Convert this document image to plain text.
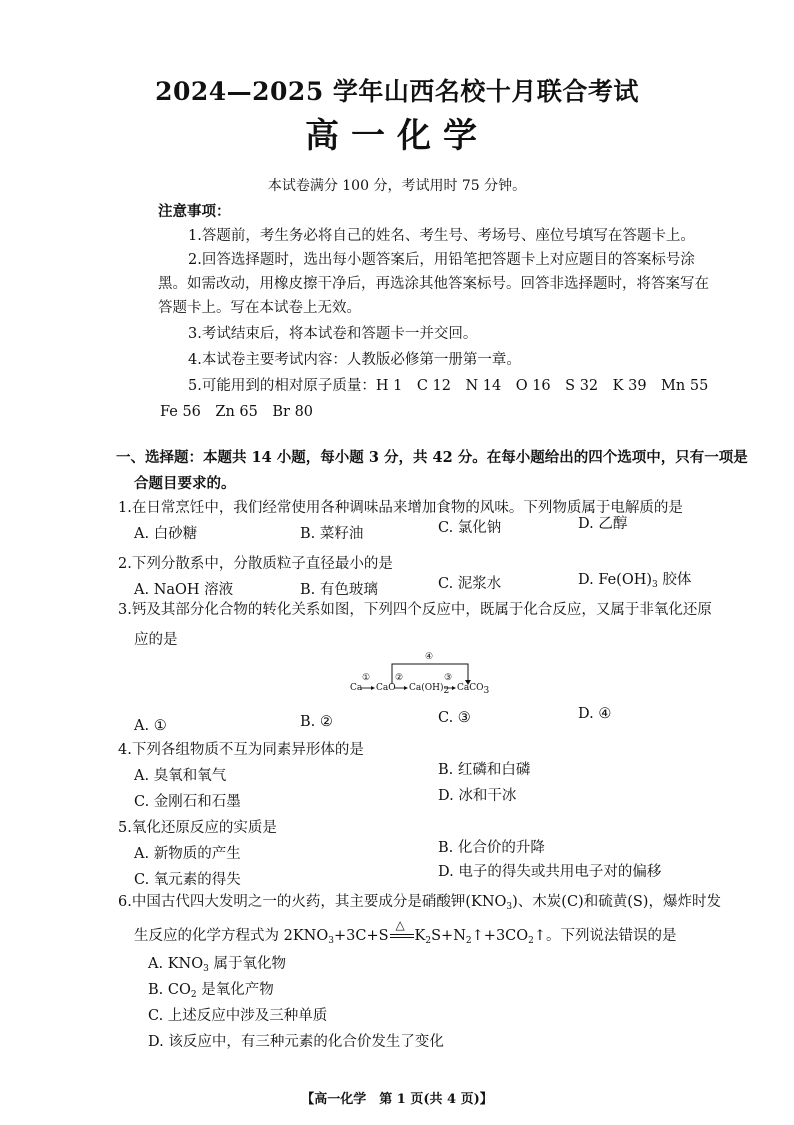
2024—2025 学年山西名校十月联合考试
高一化学
本试卷满分 100 分，考试用时 75 分钟。
注意事项：
1.答题前，考生务必将自己的姓名、考生号、考场号、座位号填写在答题卡上。
2.回答选择题时，选出每小题答案后，用铅笔把答题卡上对应题目的答案标号涂
黑。如需改动，用橡皮擦干净后，再选涂其他答案标号。回答非选择题时，将答案写在
答题卡上。写在本试卷上无效。
3.考试结束后，将本试卷和答题卡一并交回。
4.本试卷主要考试内容：人教版必修第一册第一章。
5.可能用到的相对原子质量：H 1　C 12　N 14　O 16　S 32　K 39　Mn 55
Fe 56　Zn 65　Br 80
一、选择题：本题共 14 小题，每小题 3 分，共 42 分。在每小题给出的四个选项中，只有一项是
合题目要求的。
1.在日常烹饪中，我们经常使用各种调味品来增加食物的风味。下列物质属于电解质的是
A. 白砂糖	B. 菜籽油	C. 氯化钠	D. 乙醇
2.下列分散系中，分散质粒子直径最小的是
A. NaOH 溶液	B. 有色玻璃	C. 泥浆水	D. $Fe(OH)_3$ 胶体
3.钙及其部分化合物的转化关系如图，下列四个反应中，既属于化合反应，又属于非氧化还原
应的是
Ca CaO $Ca(OH)_2$ CaCO$_3$
①	②	③
④
A. ①	B. ②	C. ③	D. ④
4.下列各组物质不互为同素异形体的是
A. 臭氧和氧气	B. 红磷和白磷
C. 金刚石和石墨	D. 冰和干冰
5.氧化还原反应的实质是
A. 新物质的产生	B. 化合价的升降
C. 氧元素的得失	D. 电子的得失或共用电子对的偏移
6.中国古代四大发明之一的火药，其主要成分是硝酸钾$(KNO_3)$、木炭(C)和硫黄(S)，爆炸时发
生反应的化学方程式为 $2KNO_3+3C+S$
△
$K_2S+N_2↑+3CO_2↑$。下列说法错误的是
A. $KNO_3$ 属于氧化物
B. $CO_2$ 是氧化产物
C. 上述反应中涉及三种单质
D. 该反应中，有三种元素的化合价发生了变化
【高一化学　第 1 页(共 4 页)】
